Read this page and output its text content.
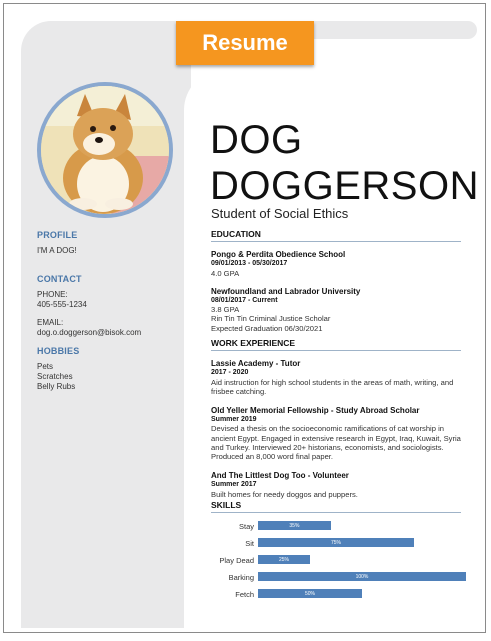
Resume
PROFILE
I'M A DOG!
CONTACT
PHONE:
405-555-1234
EMAIL:
dog.o.doggerson@bisok.com
HOBBIES
Pets
Scratches
Belly Rubs
DOG
DOGGERSON
Student of Social Ethics
EDUCATION
Pongo & Perdita Obedience School
09/01/2013 - 05/30/2017
4.0 GPA
Newfoundland and Labrador University
08/01/2017 - Current
3.8 GPA
Rin Tin Tin Criminal Justice Scholar
Expected Graduation 06/30/2021
WORK EXPERIENCE
Lassie Academy - Tutor
2017 - 2020
Aid instruction for high school students in the areas of math, writing, and frisbee catching.
Old Yeller Memorial Fellowship - Study Abroad Scholar
Summer 2019
Devised a thesis on the socioeconomic ramifications of cat worship in ancient Egypt. Engaged in extensive research in Egypt, Iraq, Kuwait, Syria and Turkey. Interviewed 20+ historians, economists, and sociologists. Produced an 8,000 word final paper.
And The Littlest Dog Too - Volunteer
Summer 2017
Built homes for needy doggos and puppers.
SKILLS
Stay	35%
Sit	75%
Play Dead	25%
Barking	100%
Fetch	50%
